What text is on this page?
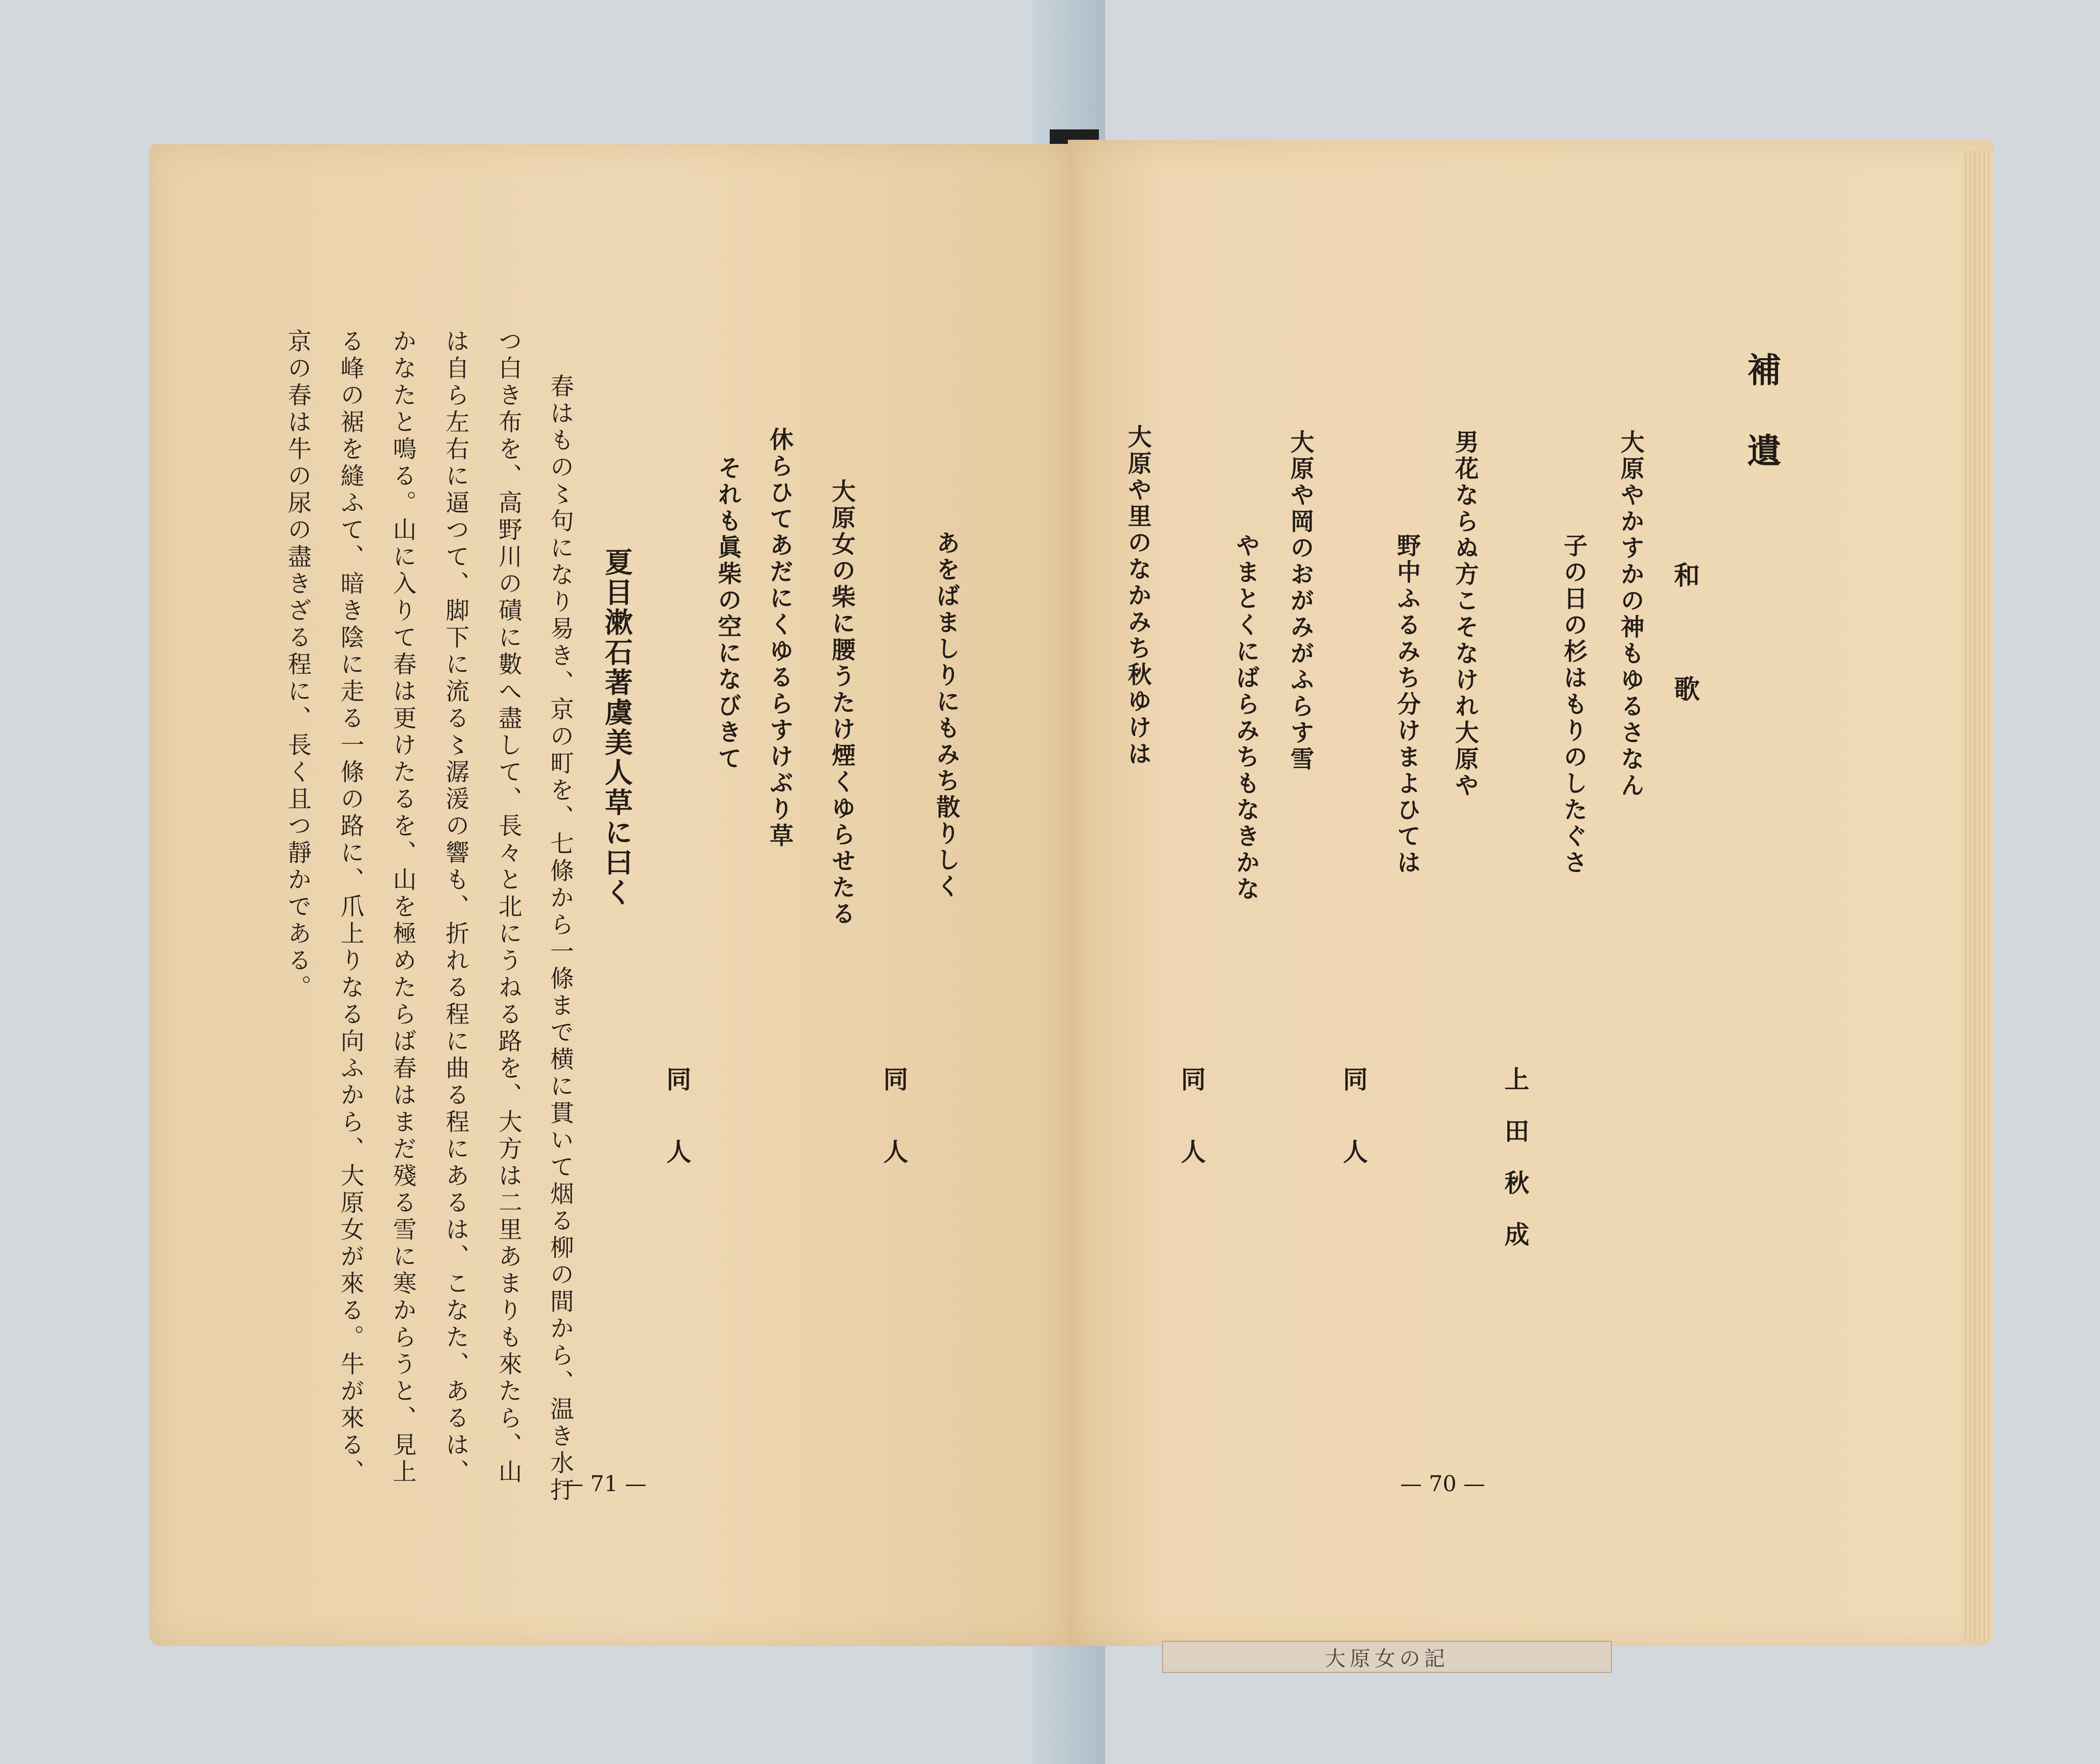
あをばましりにもみち散りしく
同人
大原女の柴に腰うたけ煙くゆらせたる
休らひてあだにくゆるらすけぶり草
それも眞柴の空になびきて
同人
夏目漱石著虞美人草に曰く
春はもの〻句になり易き、京の町を、七條から一條まで横に貫いて烟る柳の間から、温き水打
つ白き布を、高野川の磧に數へ盡して、長々と北にうねる路を、大方は二里あまりも來たら、山
は自ら左右に逼つて、脚下に流る〻潺湲の響も、折れる程に曲る程にあるは、こなた、あるは、
かなたと鳴る。山に入りて春は更けたるを、山を極めたらば春はまだ殘る雪に寒からうと、見上
る峰の裾を縫ふて、暗き陰に走る一條の路に、爪上りなる向ふから、大原女が來る。牛が來る、
京の春は牛の尿の盡きざる程に、長く且つ靜かである。
— 71 —
補遺
和歌
大原やかすかの神もゆるさなん
子の日の杉はもりのしたぐさ
上田秋成
男花ならぬ方こそなけれ大原や
野中ふるみち分けまよひては
同人
大原や岡のおがみがふらす雪
やまとくにばらみちもなきかな
同人
大原や里のなかみち秋ゆけは
— 70 —
大原女の記
